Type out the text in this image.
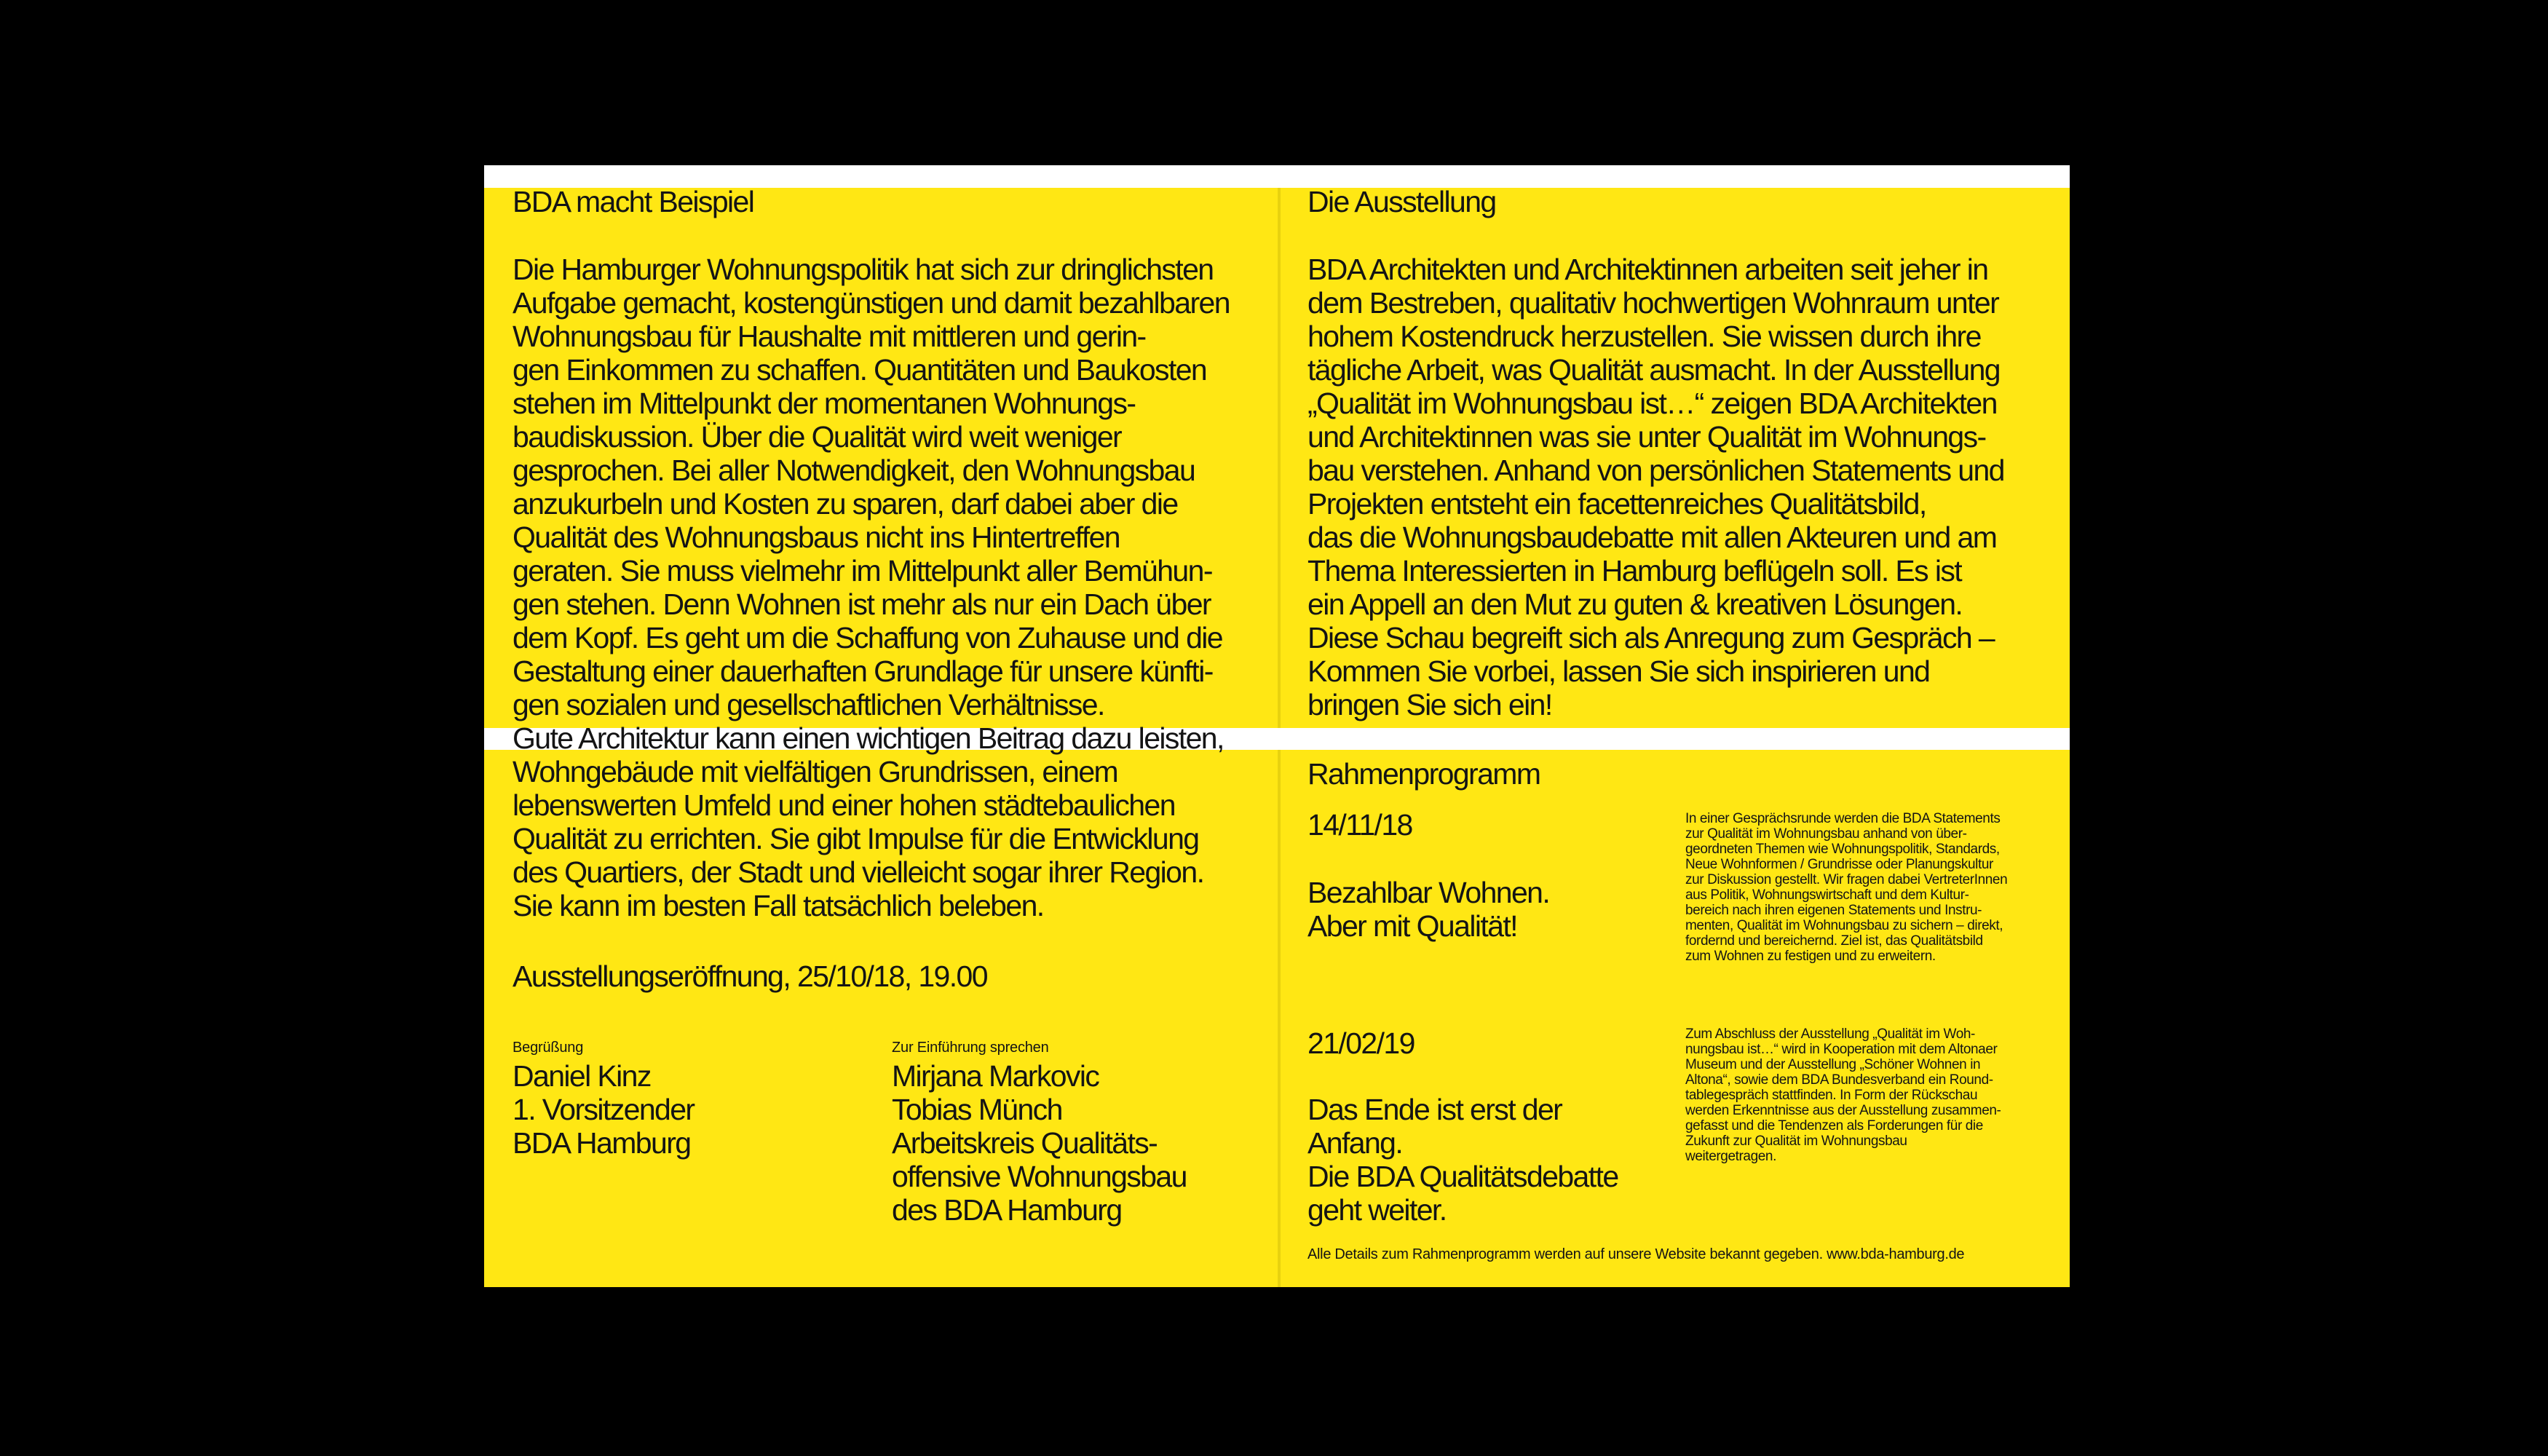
BDA macht Beispiel

Die Hamburger Wohnungspolitik hat sich zur dringlichsten
Aufgabe gemacht, kostengünstigen und damit bezahlbaren
Wohnungsbau für Haushalte mit mittleren und gerin-
gen Einkommen zu schaffen. Quantitäten und Baukosten
stehen im Mittelpunkt der momentanen Wohnungs-
baudiskussion. Über die Qualität wird weit weniger
gesprochen. Bei aller Notwendigkeit, den Wohnungsbau
anzukurbeln und Kosten zu sparen, darf dabei aber die
Qualität des Wohnungsbaus nicht ins Hintertreffen
geraten. Sie muss vielmehr im Mittelpunkt aller Bemühun-
gen stehen. Denn Wohnen ist mehr als nur ein Dach über
dem Kopf. Es geht um die Schaffung von Zuhause und die
Gestaltung einer dauerhaften Grundlage für unsere künfti-
gen sozialen und gesellschaftlichen Verhältnisse.

Gute Architektur kann einen wichtigen Beitrag dazu leisten,
Wohngebäude mit vielfältigen Grundrissen, einem
lebenswerten Umfeld und einer hohen städtebaulichen
Qualität zu errichten. Sie gibt Impulse für die Entwicklung
des Quartiers, der Stadt und vielleicht sogar ihrer Region.
Sie kann im besten Fall tatsächlich beleben.

Ausstellungseröffnung, 25/10/18, 19.00

Begrüßung

Daniel Kinz
1. Vorsitzender
BDA Hamburg

Zur Einführung sprechen

Mirjana Markovic
Tobias Münch
Arbeitskreis Qualitäts-
offensive Wohnungsbau
des BDA Hamburg

Die Ausstellung

BDA Architekten und Architektinnen arbeiten seit jeher in
dem Bestreben, qualitativ hochwertigen Wohnraum unter
hohem Kostendruck herzustellen. Sie wissen durch ihre
tägliche Arbeit, was Qualität ausmacht. In der Ausstellung
„Qualität im Wohnungsbau ist…“ zeigen BDA Architekten
und Architektinnen was sie unter Qualität im Wohnungs-
bau verstehen. Anhand von persönlichen Statements und
Projekten entsteht ein facettenreiches Qualitätsbild,
das die Wohnungsbaudebatte mit allen Akteuren und am
Thema Interessierten in Hamburg beflügeln soll. Es ist
ein Appell an den Mut zu guten & kreativen Lösungen.
Diese Schau begreift sich als Anregung zum Gespräch –
Kommen Sie vorbei, lassen Sie sich inspirieren und
bringen Sie sich ein!

Rahmenprogramm

14/11/18

Bezahlbar Wohnen.
Aber mit Qualität!

In einer Gesprächsrunde werden die BDA Statements
zur Qualität im Wohnungsbau anhand von über-
geordneten Themen wie Wohnungspolitik, Standards,
Neue Wohnformen / Grundrisse oder Planungskultur
zur Diskussion gestellt. Wir fragen dabei VertreterInnen
aus Politik, Wohnungswirtschaft und dem Kultur-
bereich nach ihren eigenen Statements und Instru-
menten, Qualität im Wohnungsbau zu sichern – direkt,
fordernd und bereichernd. Ziel ist, das Qualitätsbild
zum Wohnen zu festigen und zu erweitern.

21/02/19

Das Ende ist erst der
Anfang.
Die BDA Qualitätsdebatte
geht weiter.

Zum Abschluss der Ausstellung „Qualität im Woh-
nungsbau ist…“ wird in Kooperation mit dem Altonaer
Museum und der Ausstellung „Schöner Wohnen in
Altona“, sowie dem BDA Bundesverband ein Round-
tablegespräch stattfinden. In Form der Rückschau
werden Erkenntnisse aus der Ausstellung zusammen-
gefasst und die Tendenzen als Forderungen für die
Zukunft zur Qualität im Wohnungsbau
weitergetragen.

Alle Details zum Rahmenprogramm werden auf unsere Website bekannt gegeben. www.bda-hamburg.de
